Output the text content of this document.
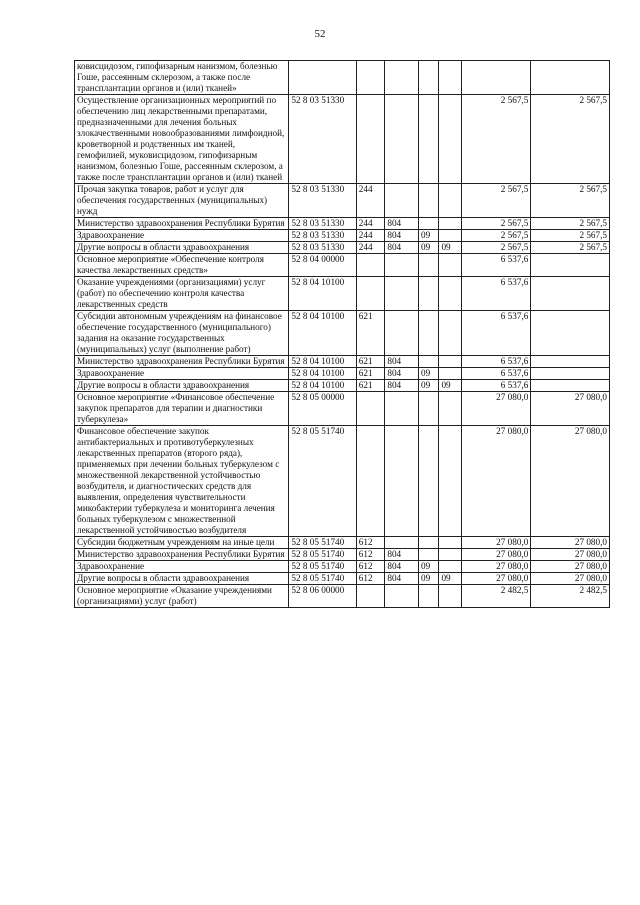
52
ковисцидозом, гипофизарным нанизмом, болезнью Гоше, рассеянным склерозом, а также после трансплантации органов и (или) тканей»							
Осуществление организационных мероприятий по обеспечению лиц лекарственными препаратами, предназначенными для лечения больных злокачественными новообразованиями лимфоидной, кроветворной и родственных им тканей, гемофилией, муковисцидозом, гипофизарным нанизмом, болезнью Гоше, рассеянным склерозом, а также после трансплантации органов и (или) тканей	52 8 03 51330					2 567,5	2 567,5
Прочая закупка товаров, работ и услуг для обеспечения государственных (муниципальных) нужд	52 8 03 51330	244				2 567,5	2 567,5
Министерство здравоохранения Республики Бурятия	52 8 03 51330	244	804			2 567,5	2 567,5
Здравоохранение	52 8 03 51330	244	804	09		2 567,5	2 567,5
Другие вопросы в области здравоохранения	52 8 03 51330	244	804	09	09	2 567,5	2 567,5
Основное мероприятие «Обеспечение контроля качества лекарственных средств»	52 8 04 00000					6 537,6	
Оказание учреждениями (организациями) услуг (работ) по обеспечению контроля качества лекарственных средств	52 8 04 10100					6 537,6	
Субсидии автономным учреждениям на финансовое обеспечение государственного (муниципального) задания на оказание государственных (муниципальных) услуг (выполнение работ)	52 8 04 10100	621				6 537,6	
Министерство здравоохранения Республики Бурятия	52 8 04 10100	621	804			6 537,6	
Здравоохранение	52 8 04 10100	621	804	09		6 537,6	
Другие вопросы в области здравоохранения	52 8 04 10100	621	804	09	09	6 537,6	
Основное мероприятие «Финансовое обеспечение закупок препаратов для терапии и диагностики туберкулеза»	52 8 05 00000					27 080,0	27 080,0
Финансовое обеспечение закупок антибактериальных и противотуберкулезных лекарственных препаратов (второго ряда), применяемых при лечении больных туберкулезом с множественной лекарственной устойчивостью возбудителя, и диагностических средств для выявления, определения чувствительности микобактерии туберкулеза и мониторинга лечения больных туберкулезом с множественной лекарственной устойчивостью возбудителя	52 8 05 51740					27 080,0	27 080,0
Субсидии бюджетным учреждениям на иные цели	52 8 05 51740	612				27 080,0	27 080,0
Министерство здравоохранения Республики Бурятия	52 8 05 51740	612	804			27 080,0	27 080,0
Здравоохранение	52 8 05 51740	612	804	09		27 080,0	27 080,0
Другие вопросы в области здравоохранения	52 8 05 51740	612	804	09	09	27 080,0	27 080,0
Основное мероприятие «Оказание учреждениями (организациями) услуг (работ)	52 8 06 00000					2 482,5	2 482,5
